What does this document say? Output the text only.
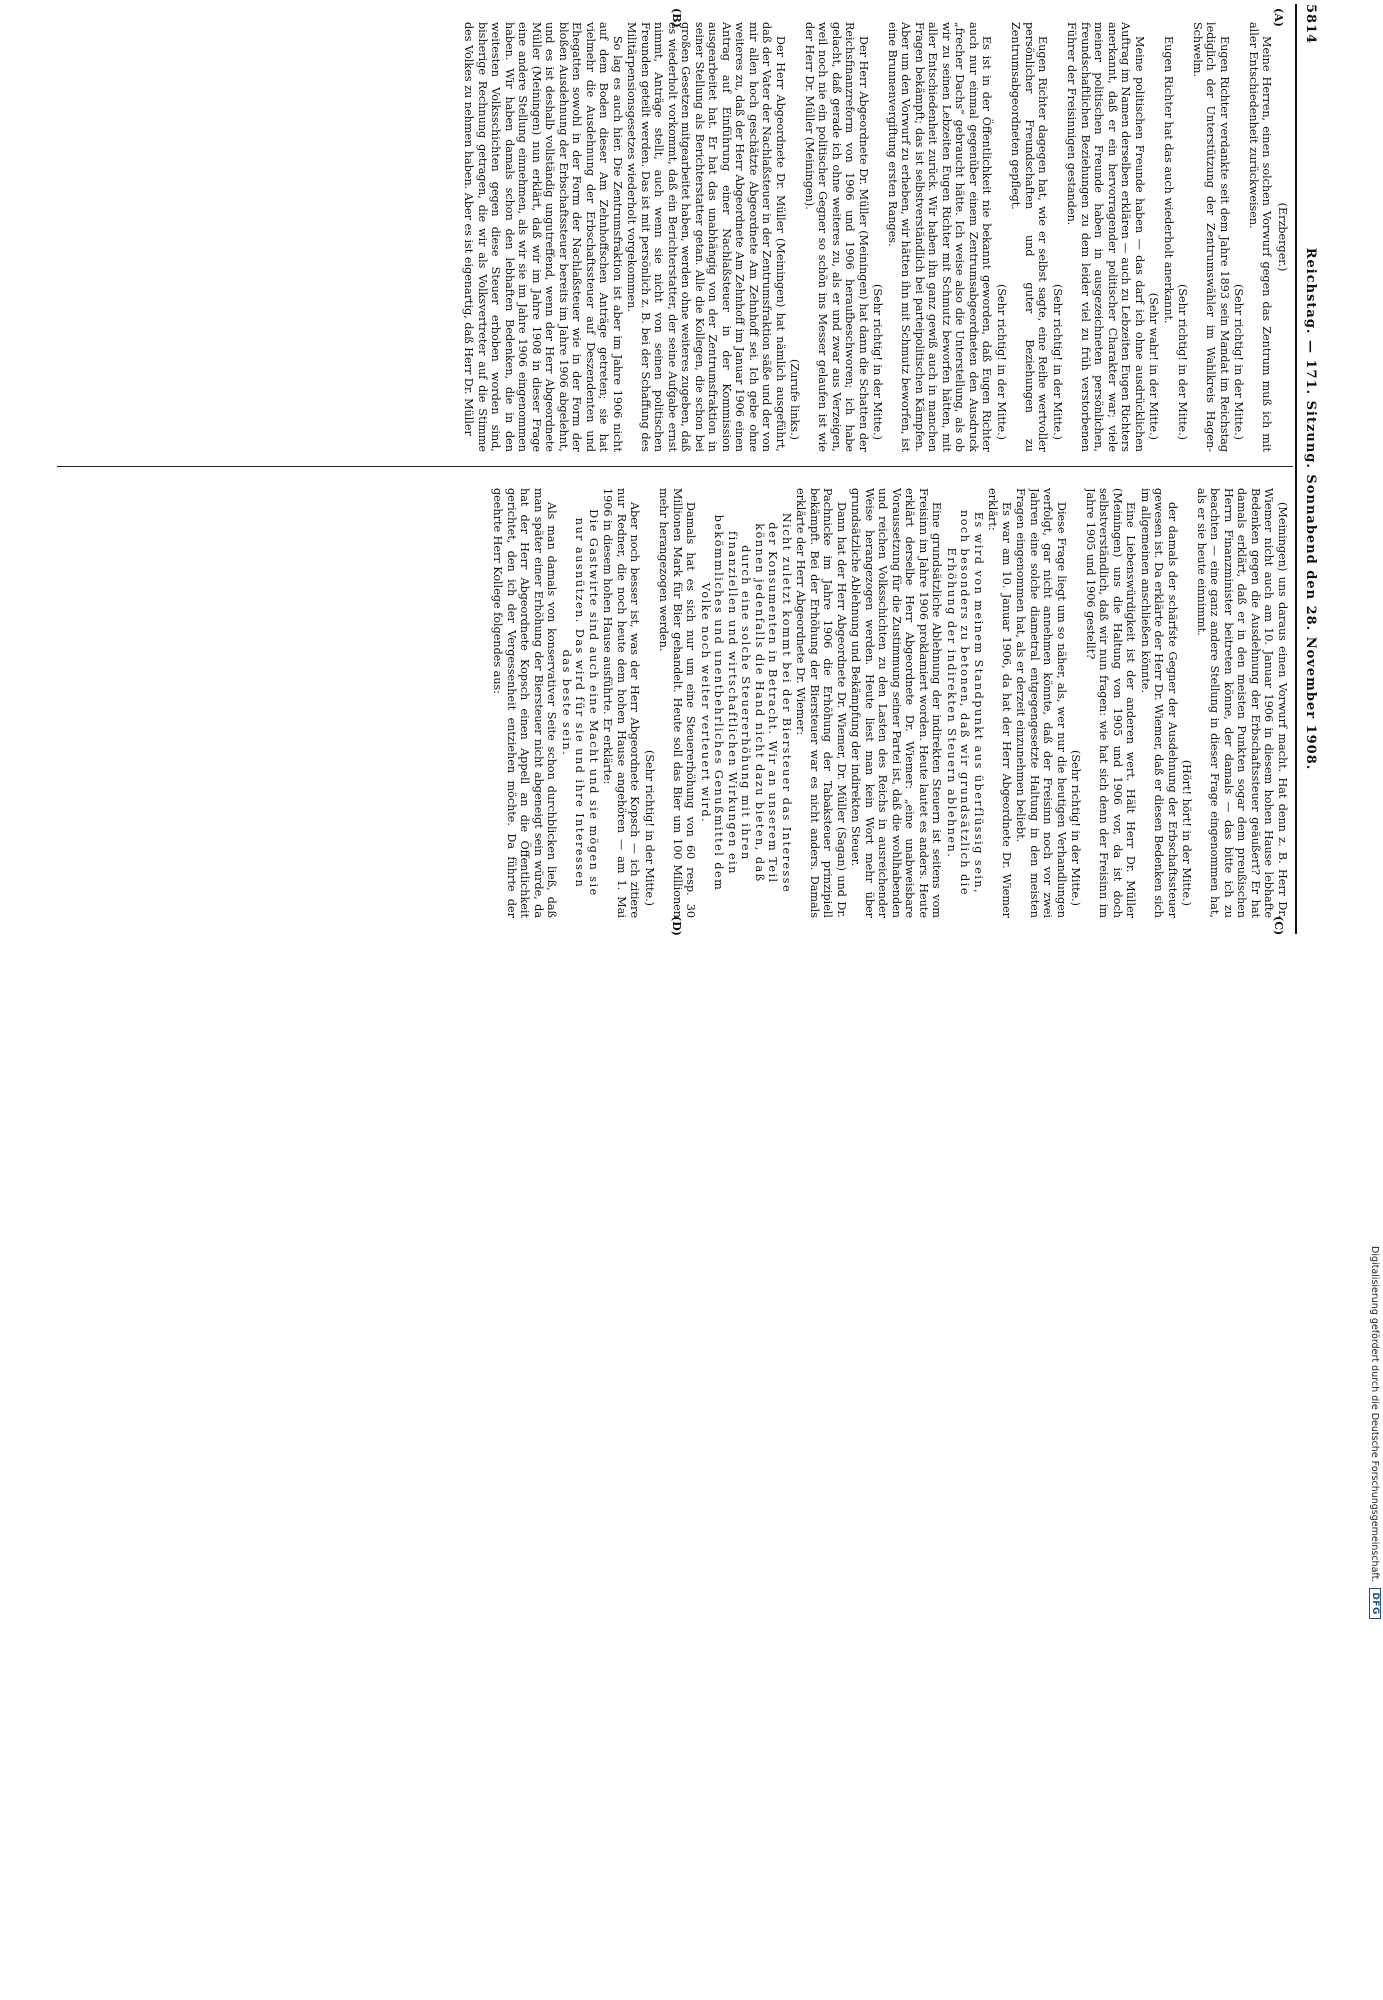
5814
Reichstag. — 171. Sitzung. Sonnabend den 28. November 1908.
(A)
(B)
(C)
(D)

(Erzberger.)

Meine Herren, einen solchen Vorwurf gegen das Zentrum muß ich mit aller Entschiedenheit zurückweisen.

(Sehr richtig! in der Mitte.)

Eugen Richter verdankte seit dem Jahre 1893 sein Mandat im Reichstag lediglich der Unterstützung der Zentrumswähler im Wahlkreis Hagen-Schwelm.

(Sehr richtig! in der Mitte.)

Eugen Richter hat das auch wiederholt anerkannt.

(Sehr wahr! in der Mitte.)

Meine politischen Freunde haben — das darf ich ohne ausdrücklichen Auftrag im Namen derselben erklären — auch zu Lebzeiten Eugen Richters anerkannt, daß er ein hervorragender politischer Charakter war; viele meiner politischen Freunde haben in ausgezeichneten persönlichen, freundschaftlichen Beziehungen zu dem leider viel zu früh verstorbenen Führer der Freisinnigen gestanden.

(Sehr richtig! in der Mitte.)

Eugen Richter dagegen hat, wie er selbst sagte, eine Reihe wertvoller persönlicher Freundschaften und guter Beziehungen zu Zentrumsabgeordneten gepflegt.

(Sehr richtig! in der Mitte.)

Es ist in der Öffentlichkeit nie bekannt geworden, daß Eugen Richter auch nur einmal gegenüber einem Zentrumsabgeordneten den Ausdruck „frecher Dachs“ gebraucht hätte. Ich weise also die Unterstellung, als ob wir zu seinen Lebzeiten Eugen Richter mit Schmutz beworfen hätten, mit aller Entschiedenheit zurück. Wir haben ihn ganz gewiß auch in manchen Fragen bekämpft; das ist selbstverständlich bei parteipolitischen Kämpfen. Aber um den Vorwurf zu erheben, wir hätten ihn mit Schmutz beworfen, ist eine Brunnenvergiftung ersten Ranges.

(Sehr richtig! in der Mitte.)

Der Herr Abgeordnete Dr. Müller (Meiningen) hat dann die Schatten der Reichsfinanzreform von 1906 und 1906 heraufbeschworen; ich habe gelacht, daß gerade ich ohne weiteres zu, als er und zwar aus Verzeigen, weil noch nie ein politischer Gegner so schön ins Messer gelaufen ist wie der Herr Dr. Müller (Meiningen).

(Zurufe links.)

Der Herr Abgeordnete Dr. Müller (Meiningen) hat nämlich ausgeführt, daß der Vater der Nachlaßsteuer in der Zentrumsfraktion säße und der von mir allen hoch geschätzte Abgeordnete Am Zehnhoff sei. Ich gebe ohne weiteres zu, daß der Herr Abgeordnete Am Zehnhoff im Januar 1906 einen Antrag auf Einführung einer Nachlaßsteuer in der Kommission ausgearbeitet hat. Er hat das unabhängig von der Zentrumsfraktion in seiner Stellung als Berichterstatter getan. Alle die Kollegen, die schon bei großen Gesetzen mitgearbeitet haben, werden ohne weiteres zugeben, daß es wiederholt vorkommt, daß ein Berichterstatter, der seine Aufgabe ernst nimmt, Anträge stellt, auch wenn sie nicht von seinen politischen Freunden geteilt werden. Das ist mit persönlich z. B. bei der Schaffung des Militärpensionsgesetzes wiederholt vorgekommen.

So lag es auch hier. Die Zentrumsfraktion ist aber im Jahre 1906 nicht auf dem Boden dieser Am Zehnhoffschen Anträge getreten; sie hat vielmehr die Ausdehnung der Erbschaftssteuer auf Deszendenten und Ehegatten sowohl in der Form der Nachlaßsteuer wie in der Form der bloßen Ausdehnung der Erbschaftssteuer bereits im Jahre 1906 abgelehnt, und es ist deshalb vollständig ungutreffend, wenn der Herr Abgeordnete Müller (Meiningen) nun erklärt, daß wir im Jahre 1908 in dieser Frage eine andere Stellung einnehmen, als wir sie im Jahre 1906 eingenommen haben. Wir haben damals schon den lebhaften Bedenken, die in den weitesten Volksschichten gegen diese Steuer erhoben worden sind, bisherige Rechnung getragen, die wir als Volksvertreter auf die Stimme des Volkes zu nehmen haben. Aber es ist eigenartig, daß Herr Dr. Müller

(Meiningen) uns daraus einen Vorwurf macht. Hat denn z. B. Herr Dr. Wiemer nicht auch am 10. Januar 1906 in diesem hohen Hause lebhafte Bedenken gegen die Ausdehnung der Erbschaftssteuer geäußert? Er hat damals erklärt, daß er in den meisten Punkten sogar dem preußischen Herrn Finanzminister beitreten könne, der damals — das bitte ich zu beachten — eine ganz andere Stellung in dieser Frage eingenommen hat, als er sie heute einnimmt.

(Hört! hört! in der Mitte.)

der damals der schärfste Gegner der Ausdehnung der Erbschaftssteuer gewesen ist. Da erklärte der Herr Dr. Wiemer, daß er diesen Bedenken sich im allgemeinen anschließen könnte.

Eine Liebenswürdigkeit ist der anderen wert. Hält Herr Dr. Müller (Meiningen) uns die Haltung von 1905 und 1906 vor, da ist doch selbstverständlich, daß wir nun fragen: wie hat sich denn der Freisinn im Jahre 1905 und 1906 gestellt?

(Sehr richtig! in der Mitte.)

Diese Frage liegt um so näher, als, wer nur die heutigen Verhandlungen verfolgt, gar nicht annehmen könnte, daß der Freisinn noch vor zwei Jahren eine solche diametral entgegengesetzte Haltung in den meisten Fragen eingenommen hat, als er derzeit einzunehmen beliebt.

Es war am 10. Januar 1906, da hat der Herr Abgeordnete Dr. Wiemer erklärt:

Es wird von meinem Standpunkt aus überflüssig sein, noch besonders zu betonen, daß wir grundsätzlich die Erhöhung der indirekten Steuern ablehnen.

Eine grundsätzliche Ablehnung der indirekten Steuern ist seitens vom Freisinn im Jahre 1906 proklamiert worden. Heute lautet es anders. Heute erklärt derselbe Herr Abgeordnete Dr. Wiemer: „eine unabweisbare Voraussetzung für die Zustimmung seiner Partei ist, daß die wohlhabenden und reichen Volksschichten zu den Lasten des Reichs in ausreichender Weise herangezogen werden. Heute liest man kein Wort mehr über grundsätzliche Ablehnung und Bekämpfung der indirekten Steuer.

Dann hat der Herr Abgeordnete Dr. Wiemer, Dr. Müller (Sagan) und Dr. Pachnicke im Jahre 1906 die Erhöhung der Tabaksteuer prinzipiell bekämpft. Bei der Erhöhung der Biersteuer war es nicht anders. Damals erklärte der Herr Abgeordnete Dr. Wiemer:

Nicht zuletzt kommt bei der Biersteuer das Interesse der Konsumenten in Betracht. Wir an unserem Teil können jedenfalls die Hand nicht dazu bieten, daß durch eine solche Steuererhöhung mit ihren finanziellen und wirtschaftlichen Wirkungen ein bekömmliches und unentbehrliches Genußmittel dem Volke noch weiter verteuert wird.

Damals hat es sich nur um eine Steuererhöhung von 60 resp. 30 Millionen Mark für Bier gehandelt. Heute soll das Bier um 100 Millionen mehr herangezogen werden.

(Sehr richtig! in der Mitte.)

Aber noch besser ist, was der Herr Abgeordnete Kopsch — ich zitiere nur Redner, die noch heute dem hohen Hause angehören — am 1. Mai 1906 in diesem hohen Hause ausführte. Er erklärte:

Die Gastwirte sind auch eine Macht und sie mögen sie nur ausnützen. Das wird für sie und ihre Interessen das beste sein.

Als man damals von konservativer Seite schon durchblicken ließ, daß man später einer Erhöhung der Biersteuer nicht abgeneigt sein würde, da hat der Herr Abgeordnete Kopsch einen Appell an die Öffentlichkeit gerichtet, den ich der Vergessenheit entziehen möchte. Da führte der geehrte Herr Kollege folgendes aus:

Digitalisierung gefördert durch die Deutsche Forschungsgemeinschaft.
DFG
